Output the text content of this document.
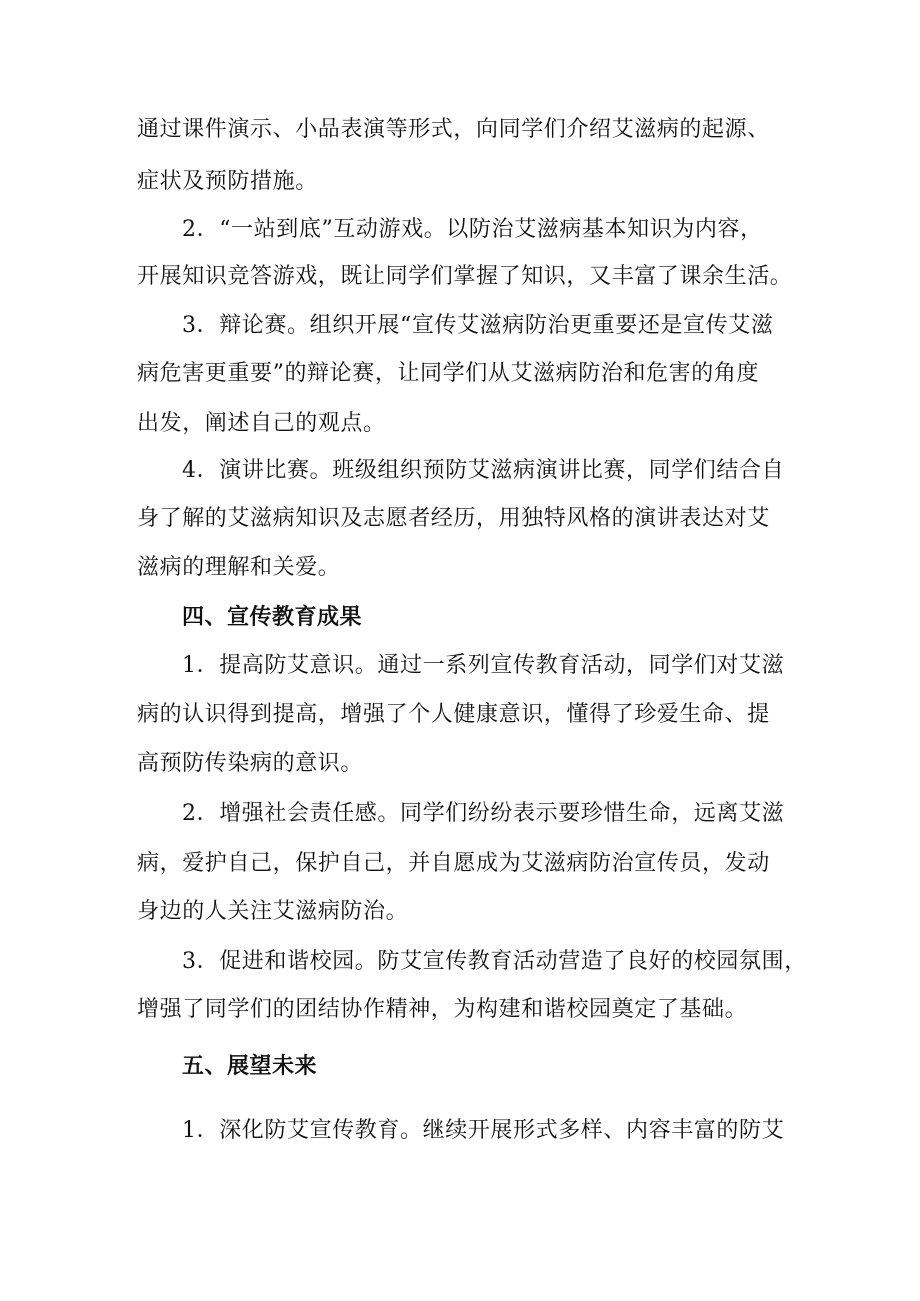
通过课件演示、小品表演等形式，向同学们介绍艾滋病的起源、
症状及预防措施。
2．“一站到底”互动游戏。以防治艾滋病基本知识为内容，
开展知识竞答游戏，既让同学们掌握了知识，又丰富了课余生活。
3．辩论赛。组织开展“宣传艾滋病防治更重要还是宣传艾滋
病危害更重要”的辩论赛，让同学们从艾滋病防治和危害的角度
出发，阐述自己的观点。
4．演讲比赛。班级组织预防艾滋病演讲比赛，同学们结合自
身了解的艾滋病知识及志愿者经历，用独特风格的演讲表达对艾
滋病的理解和关爱。
四、宣传教育成果
1．提高防艾意识。通过一系列宣传教育活动，同学们对艾滋
病的认识得到提高，增强了个人健康意识，懂得了珍爱生命、提
高预防传染病的意识。
2．增强社会责任感。同学们纷纷表示要珍惜生命，远离艾滋
病，爱护自己，保护自己，并自愿成为艾滋病防治宣传员，发动
身边的人关注艾滋病防治。
3．促进和谐校园。防艾宣传教育活动营造了良好的校园氛围，
增强了同学们的团结协作精神，为构建和谐校园奠定了基础。
五、展望未来
1．深化防艾宣传教育。继续开展形式多样、内容丰富的防艾
